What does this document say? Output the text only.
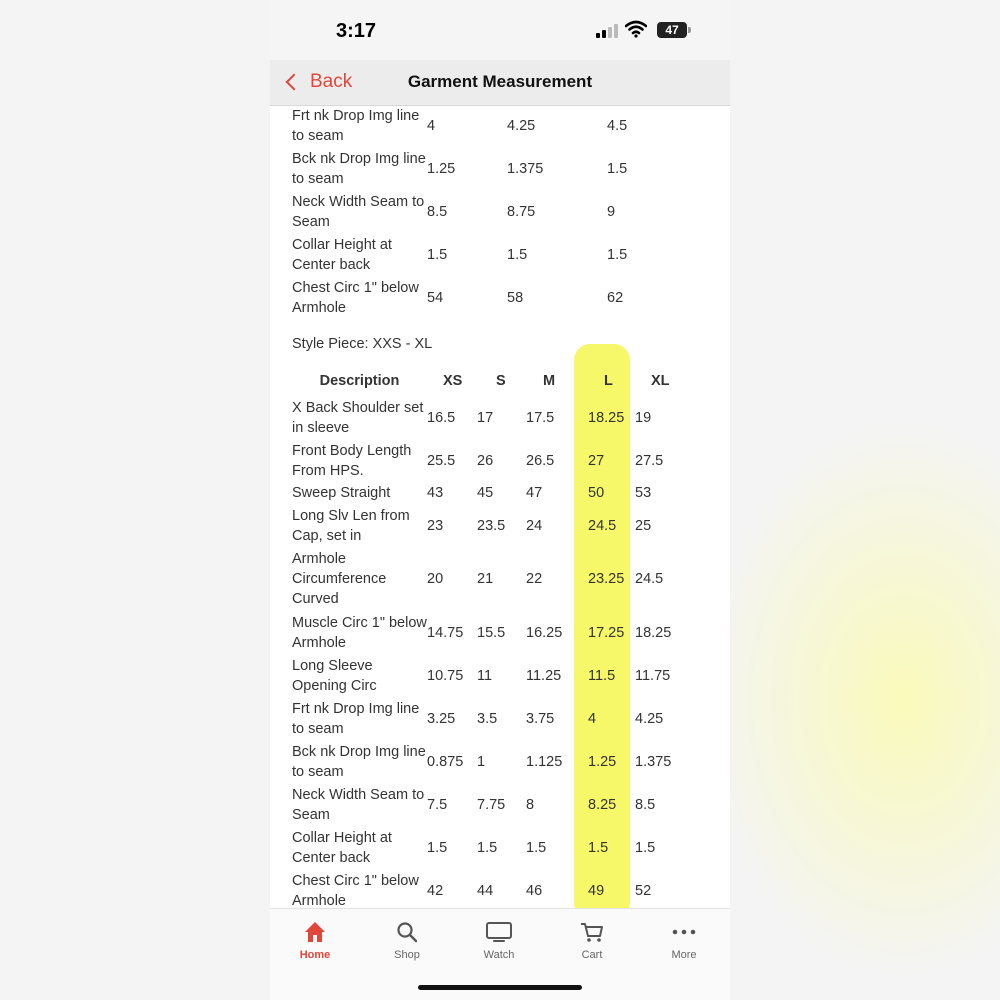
3:17	47
Back	Garment Measurement
Frt nk Drop Img line to seam	4	4.25	4.5
Bck nk Drop Img line to seam	1.25	1.375	1.5
Neck Width Seam to Seam	8.5	8.75	9
Collar Height at Center back	1.5	1.5	1.5
Chest Circ 1" below Armhole	54	58	62
Style Piece: XXS - XL
Description	XS	S	M	L	XL
X Back Shoulder set in sleeve	16.5	17	17.5	18.25	19
Front Body Length From HPS.	25.5	26	26.5	27	27.5
Sweep Straight	43	45	47	50	53
Long Slv Len from Cap, set in	23	23.5	24	24.5	25
Armhole Circumference Curved	20	21	22	23.25	24.5
Muscle Circ 1" below Armhole	14.75	15.5	16.25	17.25	18.25
Long Sleeve Opening Circ	10.75	11	11.25	11.5	11.75
Frt nk Drop Img line to seam	3.25	3.5	3.75	4	4.25
Bck nk Drop Img line to seam	0.875	1	1.125	1.25	1.375
Neck Width Seam to Seam	7.5	7.75	8	8.25	8.5
Collar Height at Center back	1.5	1.5	1.5	1.5	1.5
Chest Circ 1" below Armhole	42	44	46	49	52
Home	Shop	Watch	Cart	More
